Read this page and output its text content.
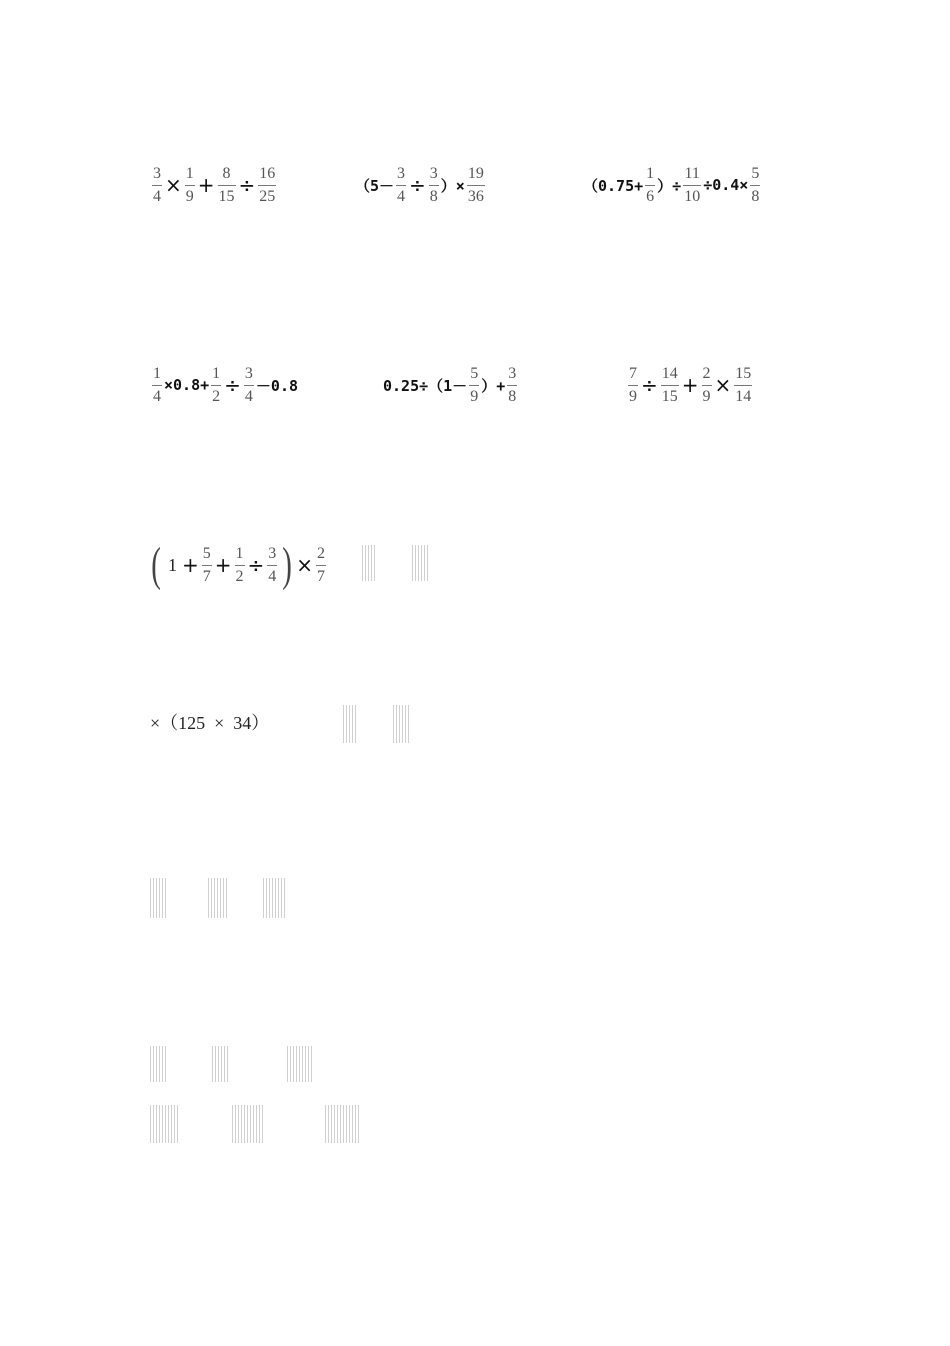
$\frac{3}{4} \times \frac{1}{9} + \frac{8}{15} \div \frac{16}{25}$	（$5- \frac{3}{4} \div \frac{3}{8}$ ）× $\frac{19}{36}$	（$0.75+ \frac{1}{6}$ ）÷ $\frac{11}{10} \div 0.4\times \frac{5}{8}$
$\frac{1}{4} \times 0.8+ \frac{1}{2} \div \frac{3}{4} -0.8$	$0.25\div(1- \frac{5}{9}$ ）+ $\frac{3}{8}$	$\frac{7}{9} \div \frac{14}{15} + \frac{2}{9} \times \frac{15}{14}$
( $1 + \frac{5}{7} + \frac{1}{2} \div \frac{3}{4}$ ) × $\frac{2}{7}$
×（125  ×  34）
